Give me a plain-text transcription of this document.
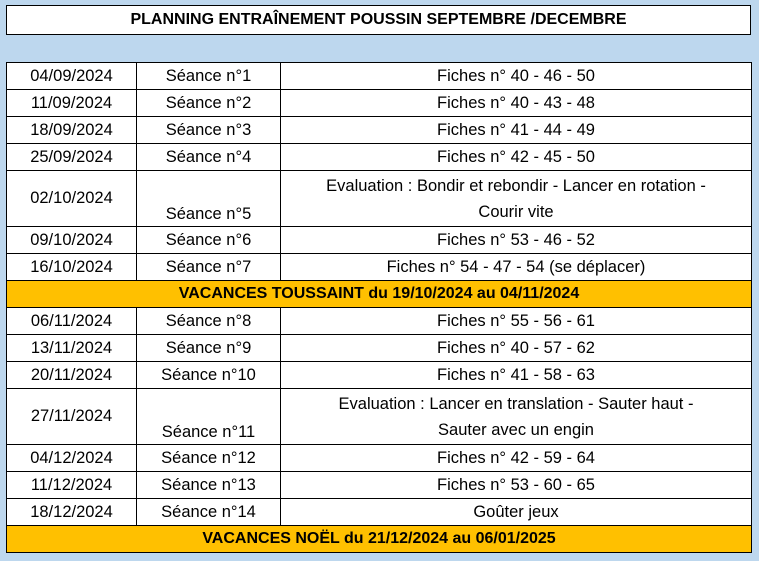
PLANNING ENTRAÎNEMENT POUSSIN SEPTEMBRE /DECEMBRE
04/09/2024	Séance n°1	Fiches n° 40 - 46 - 50
11/09/2024	Séance n°2	Fiches n° 40 - 43 - 48
18/09/2024	Séance n°3	Fiches n° 41 - 44 - 49
25/09/2024	Séance n°4	Fiches n° 42 - 45 - 50
02/10/2024	Séance n°5	Evaluation : Bondir et rebondir - Lancer en rotation -
Courir vite

09/10/2024	Séance n°6	Fiches n° 53 - 46 - 52
16/10/2024	Séance n°7	Fiches n° 54 - 47 - 54 (se déplacer)
VACANCES TOUSSAINT du 19/10/2024 au 04/11/2024		
06/11/2024	Séance n°8	Fiches n° 55 - 56 - 61
13/11/2024	Séance n°9	Fiches n° 40 - 57 - 62
20/11/2024	Séance n°10	Fiches n° 41 - 58 - 63
27/11/2024	Séance n°11	Evaluation : Lancer en translation - Sauter haut -
Sauter avec un engin

04/12/2024	Séance n°12	Fiches n° 42 - 59 - 64
11/12/2024	Séance n°13	Fiches n° 53 - 60 - 65
18/12/2024	Séance n°14	Goûter jeux
VACANCES NOËL du 21/12/2024 au 06/01/2025		
